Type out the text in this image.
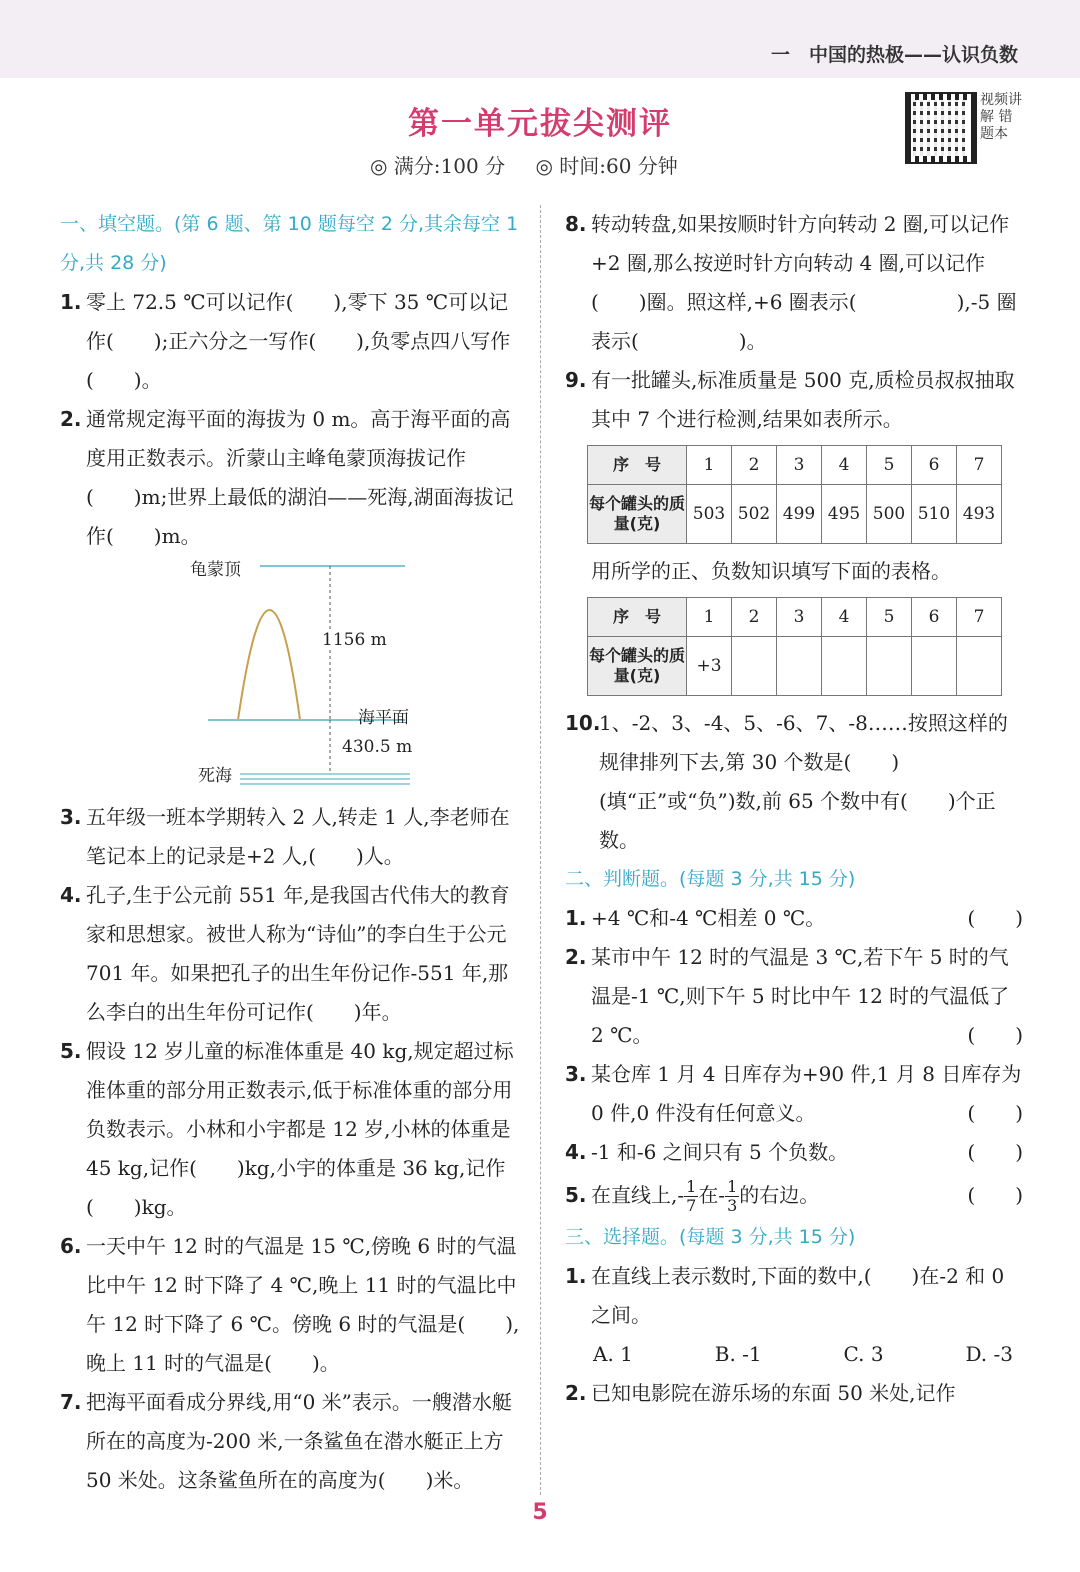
一　中国的热极——认识负数
第一单元拔尖测评
◎ 满分:100 分 ◎ 时间:60 分钟
视频讲解 错题本
一、填空题。(第 6 题、第 10 题每空 2 分,其余每空 1 分,共 28 分)
1. 零上 72.5 ℃可以记作(　　),零下 35 ℃可以记作(　　);正六分之一写作(　　),负零点四八写作(　　)。
2. 通常规定海平面的海拔为 0 m。高于海平面的高度用正数表示。沂蒙山主峰龟蒙顶海拔记作(　　)m;世界上最低的湖泊——死海,湖面海拔记作(　　)m。
龟蒙顶
1156 m
海平面
430.5 m
死海
3. 五年级一班本学期转入 2 人,转走 1 人,李老师在笔记本上的记录是+2 人,(　　)人。
4. 孔子,生于公元前 551 年,是我国古代伟大的教育家和思想家。被世人称为“诗仙”的李白生于公元 701 年。如果把孔子的出生年份记作-551 年,那么李白的出生年份可记作(　　)年。
5. 假设 12 岁儿童的标准体重是 40 kg,规定超过标准体重的部分用正数表示,低于标准体重的部分用负数表示。小林和小宇都是 12 岁,小林的体重是 45 kg,记作(　　)kg,小宇的体重是 36 kg,记作(　　)kg。
6. 一天中午 12 时的气温是 15 ℃,傍晚 6 时的气温比中午 12 时下降了 4 ℃,晚上 11 时的气温比中午 12 时下降了 6 ℃。傍晚 6 时的气温是(　　),晚上 11 时的气温是(　　)。
7. 把海平面看成分界线,用“0 米”表示。一艘潜水艇所在的高度为-200 米,一条鲨鱼在潜水艇正上方 50 米处。这条鲨鱼所在的高度为(　　)米。
8. 转动转盘,如果按顺时针方向转动 2 圈,可以记作+2 圈,那么按逆时针方向转动 4 圈,可以记作(　　)圈。照这样,+6 圈表示(　　　　　),-5 圈表示(　　　　　)。
9. 有一批罐头,标准质量是 500 克,质检员叔叔抽取其中 7 个进行检测,结果如表所示。
序　号	1	2	3	4	5	6	7
每个罐头的质量(克)	503	502	499	495	500	510	493
用所学的正、负数知识填写下面的表格。
序　号	1	2	3	4	5	6	7
每个罐头的质量(克)	+3						
10.
1、-2、3、-4、5、-6、7、-8……按照这样的规律排列下去,第 30 个数是(　　)(填“正”或“负”)数,前 65 个数中有(　　)个正数。
二、判断题。(每题 3 分,共 15 分)
1. +4 ℃和-4 ℃相差 0 ℃。	(　　)
2. 某市中午 12 时的气温是 3 ℃,若下午 5 时的气温是-1 ℃,则下午 5 时比中午 12 时的气温低了 2 ℃。	(　　)
3. 某仓库 1 月 4 日库存为+90 件,1 月 8 日库存为 0 件,0 件没有任何意义。	(　　)
4. -1 和-6 之间只有 5 个负数。	(　　)
5. 在直线上,- $\frac{1}{7}$ 在- $\frac{1}{3}$ 的右边。	(　　)
三、选择题。(每题 3 分,共 15 分)
1. 在直线上表示数时,下面的数中,(　　)在-2 和 0 之间。
A. 1	B. -1	C. 3	D. -3
2. 已知电影院在游乐场的东面 50 米处,记作
5
